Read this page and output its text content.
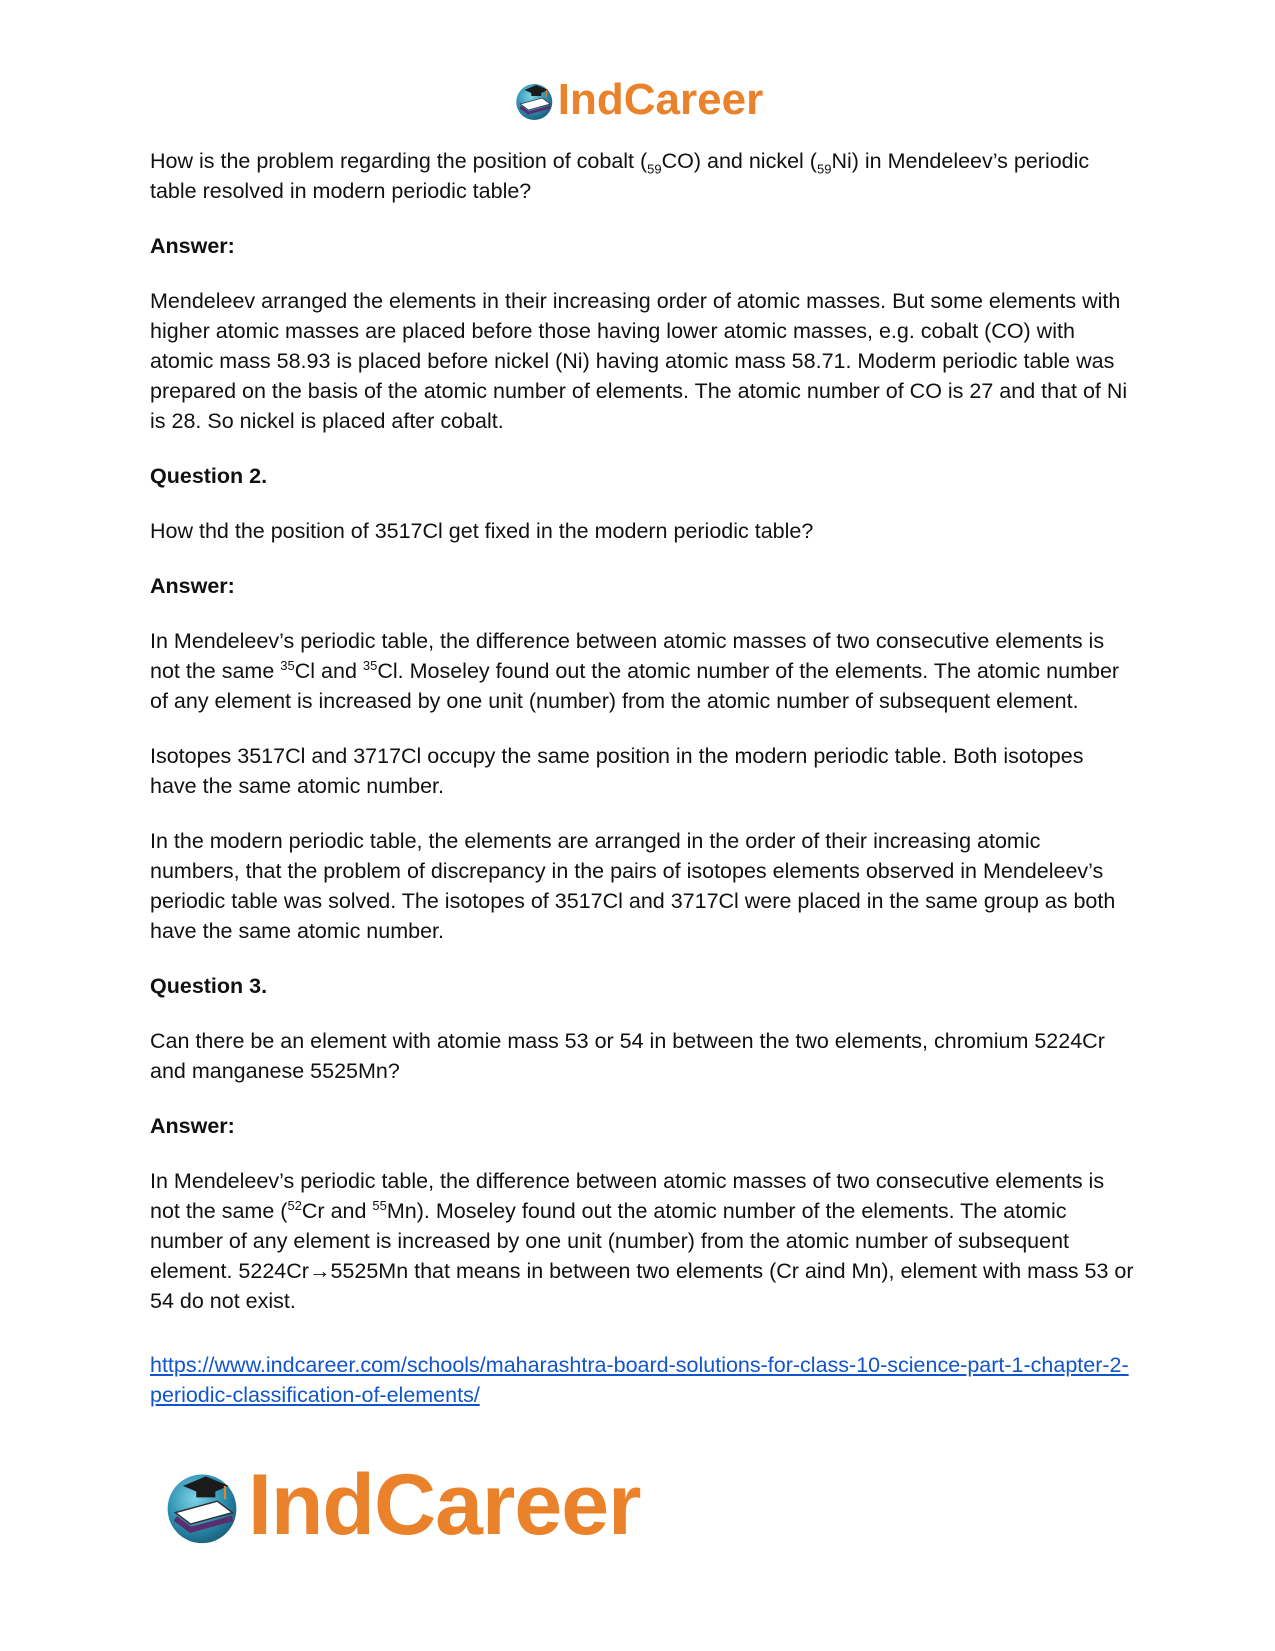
IndCareer

How is the problem regarding the position of cobalt $(_{59}CO)$ and nickel $(_{59}Ni)$ in Mendeleev’s periodic table resolved in modern periodic table?

Answer:

Mendeleev arranged the elements in their increasing order of atomic masses. But some elements with higher atomic masses are placed before those having lower atomic masses, e.g. cobalt (CO) with atomic mass 58.93 is placed before nickel (Ni) having atomic mass 58.71. Moderm periodic table was prepared on the basis of the atomic number of elements. The atomic number of CO is 27 and that of Ni is 28. So nickel is placed after cobalt.

Question 2.

How thd the position of 3517Cl get fixed in the modern periodic table?

Answer:

In Mendeleev’s periodic table, the difference between atomic masses of two consecutive elements is not the same $^{35}$Cl and $^{35}$Cl. Moseley found out the atomic number of the elements. The atomic number of any element is increased by one unit (number) from the atomic number of subsequent element.

Isotopes 3517Cl and 3717Cl occupy the same position in the modern periodic table. Both isotopes have the same atomic number.

In the modern periodic table, the elements are arranged in the order of their increasing atomic numbers, that the problem of discrepancy in the pairs of isotopes elements observed in Mendeleev’s periodic table was solved. The isotopes of 3517Cl and 3717Cl were placed in the same group as both have the same atomic number.

Question 3.

Can there be an element with atomie mass 53 or 54 in between the two elements, chromium 5224Cr and manganese 5525Mn?

Answer:

In Mendeleev’s periodic table, the difference between atomic masses of two consecutive elements is not the same ($^{52}$Cr and $^{55}$Mn). Moseley found out the atomic number of the elements. The atomic number of any element is increased by one unit (number) from the atomic number of subsequent element. 5224Cr→5525Mn that means in between two elements (Cr aind Mn), element with mass 53 or 54 do not exist.

https://www.indcareer.com/schools/maharashtra-board-solutions-for-class-10-science-part-1-chapter-2-periodic-classification-of-elements/

IndCareer
